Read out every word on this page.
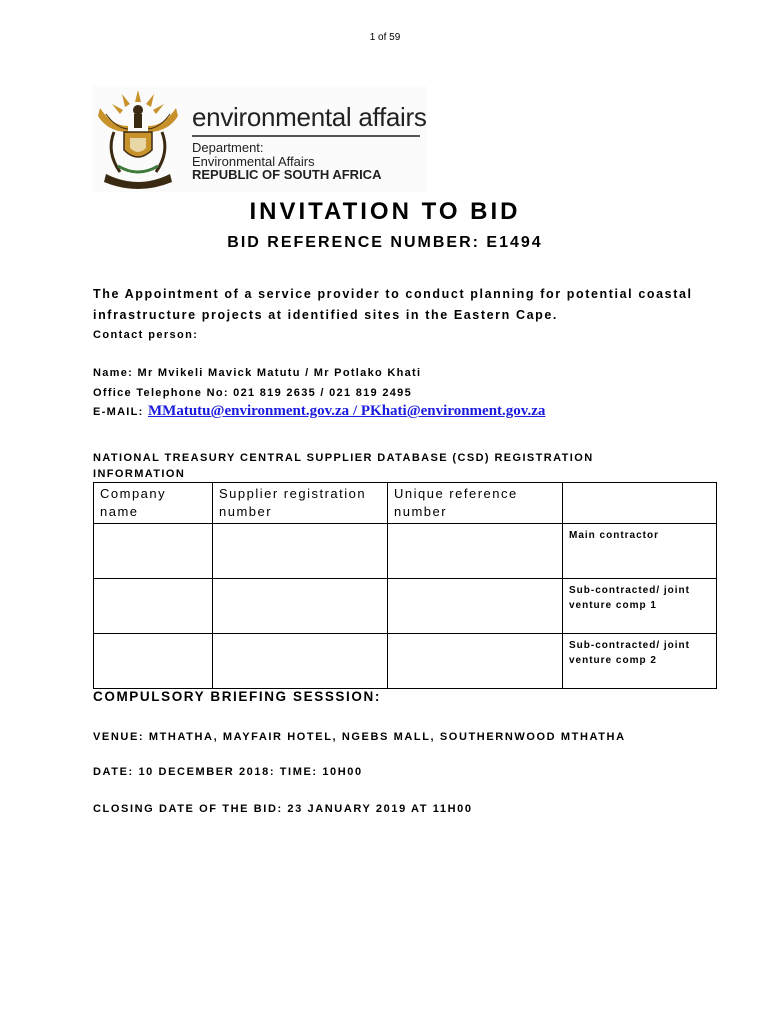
1 of 59
environmental affairs
Department:
Environmental Affairs
REPUBLIC OF SOUTH AFRICA
INVITATION TO BID
BID REFERENCE NUMBER: E1494
The Appointment of a service provider to conduct planning for potential coastal infrastructure projects at identified sites in the Eastern Cape.
Contact person:
Name: Mr Mvikeli Mavick Matutu / Mr Potlako Khati
Office Telephone No: 021 819 2635 / 021 819 2495
E-MAIL: MMatutu@environment.gov.za / PKhati@environment.gov.za
NATIONAL TREASURY CENTRAL SUPPLIER DATABASE (CSD) REGISTRATION INFORMATION
Company name	Supplier registration number	Unique reference number	
			Main contractor
			Sub-contracted/ joint venture comp 1
			Sub-contracted/ joint venture comp 2
COMPULSORY BRIEFING SESSSION:
VENUE: MTHATHA, MAYFAIR HOTEL, NGEBS MALL, SOUTHERNWOOD MTHATHA
DATE: 10 DECEMBER 2018: TIME: 10H00
CLOSING DATE OF THE BID: 23 JANUARY 2019 AT 11H00
